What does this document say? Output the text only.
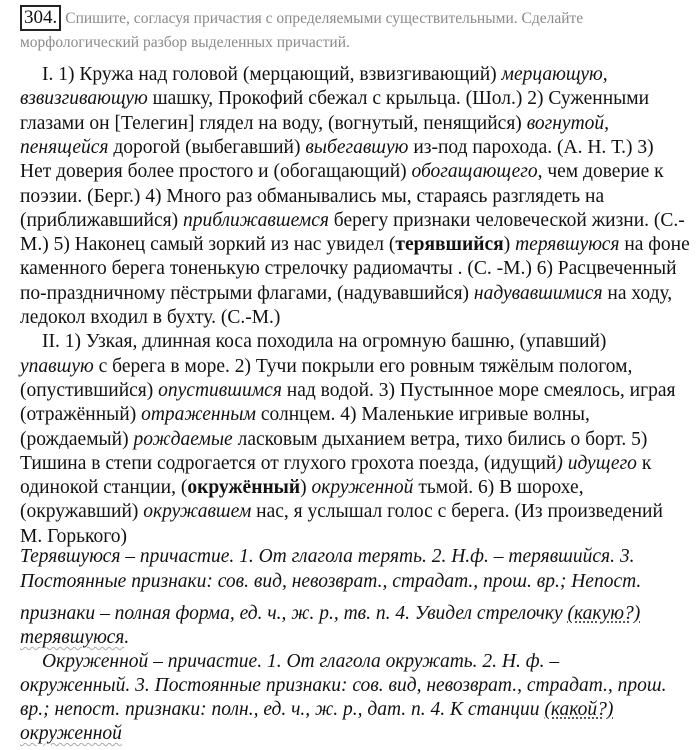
304. Спишите, согласуя причастия с определяемыми существительными. Сделайте
морфологический разбор выделенных причастий.
I. 1) Кружа над головой (мерцающий, взвизгивающий) мерцающую,
взвизгивающую шашку, Прокофий сбежал с крыльца. (Шол.) 2) Суженными
глазами он [Телегин] глядел на воду, (вогнутый, пенящийся) вогнутой,
пенящейся дорогой (выбегавший) выбегавшую из-под парохода. (А. Н. Т.) 3)
Нет доверия более простого и (обогащающий) обогащающего, чем доверие к
поэзии. (Берг.) 4) Много раз обманывались мы, стараясь разглядеть на
(приближавшийся) приближавшемся берегу признаки человеческой жизни. (С.-
М.) 5) Наконец самый зоркий из нас увидел (терявшийся) терявшуюся на фоне
каменного берега тоненькую стрелочку радиомачты . (С. -М.) 6) Расцвеченный
по-праздничному пёстрыми флагами, (надувавшийся) надувавшимися на ходу,
ледокол входил в бухту. (С.-М.)
II. 1) Узкая, длинная коса походила на огромную башню, (упавший)
упавшую с берега в море. 2) Тучи покрыли его ровным тяжёлым пологом,
(опустившийся) опустившимся над водой. 3) Пустынное море смеялось, играя
(отражённый) отраженным солнцем. 4) Маленькие игривые волны,
(рождаемый) рождаемые ласковым дыханием ветра, тихо бились о борт. 5)
Тишина в степи содрогается от глухого грохота поезда, (идущий) идущего к
одинокой станции, (окружённый) окруженной тьмой. 6) В шорохе,
(окружавший) окружавшем нас, я услышал голос с берега. (Из произведений
М. Горького)
Терявшуюся – причастие. 1. От глагола терять. 2. Н.ф. – терявшийся. 3.
Постоянные признаки: сов. вид, невозврат., страдат., прош. вр.; Непост.
признаки – полная форма, ед. ч., ж. р., тв. п. 4. Увидел стрелочку (какую?)
терявшуюся.
Окруженной – причастие. 1. От глагола окружать. 2. Н. ф. –
окруженный. 3. Постоянные признаки: сов. вид, невозврат., страдат., прош.
вр.; непост. признаки: полн., ед. ч., ж. р., дат. п. 4. К станции (какой?)
окруженной
